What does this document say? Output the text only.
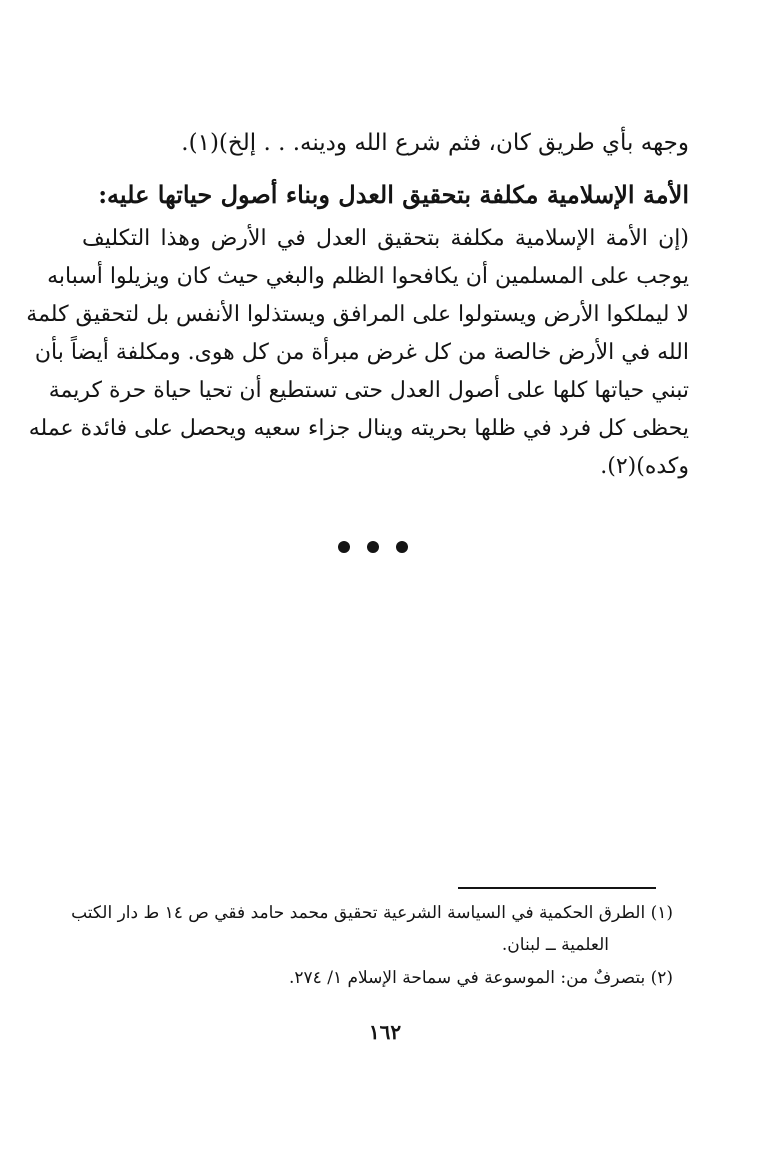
وجهه بأي طريق كان، فثم شرع الله ودينه. . . إلخ)(١).
الأمة الإسلامية مكلفة بتحقيق العدل وبناء أصول حياتها عليه:
(إن الأمة الإسلامية مكلفة بتحقيق العدل في الأرض وهذا التكليف
يوجب على المسلمين أن يكافحوا الظلم والبغي حيث كان ويزيلوا أسبابه
لا ليملكوا الأرض ويستولوا على المرافق ويستذلوا الأنفس بل لتحقيق كلمة
الله في الأرض خالصة من كل غرض مبرأة من كل هوى. ومكلفة أيضاً بأن
تبني حياتها كلها على أصول العدل حتى تستطيع أن تحيا حياة حرة كريمة
يحظى كل فرد في ظلها بحريته وينال جزاء سعيه ويحصل على فائدة عمله
وكده)(٢).
(١) الطرق الحكمية في السياسة الشرعية تحقيق محمد حامد فقي ص ١٤ ط دار الكتب
العلمية ــ لبنان.
(٢) بتصرفٌ من: الموسوعة في سماحة الإسلام ١/ ٢٧٤.
١٦٢
